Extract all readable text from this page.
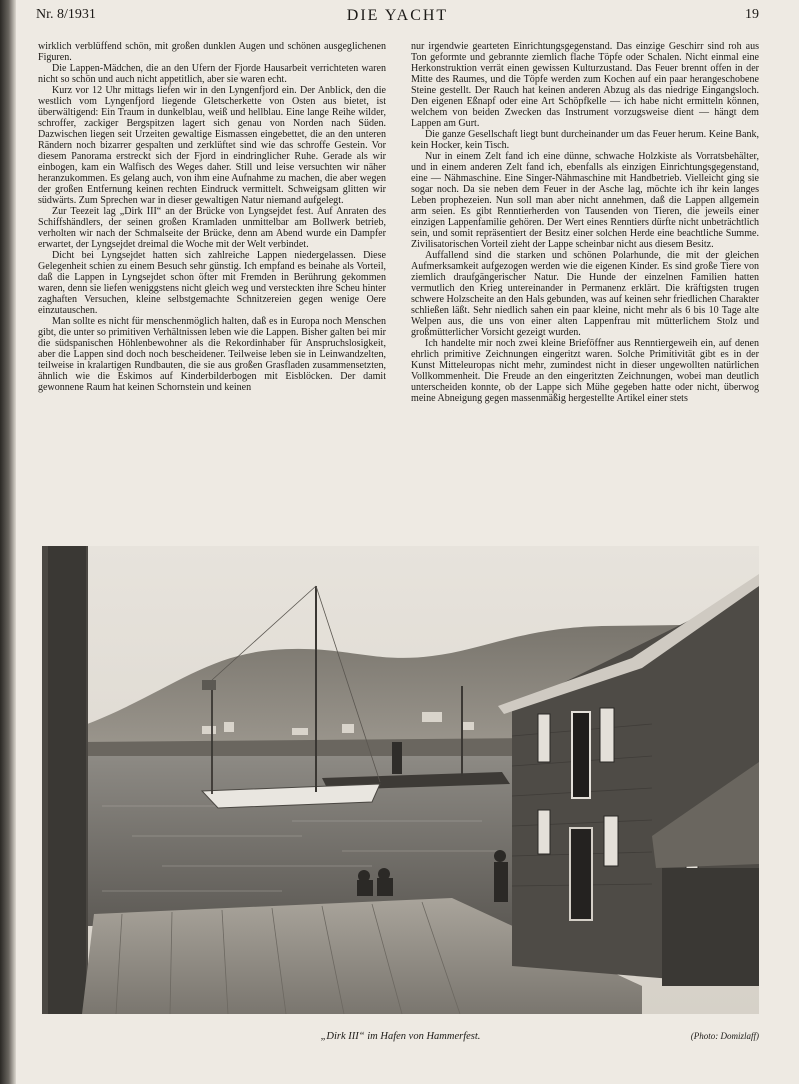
Nr. 8/1931	DIE YACHT	19

wirklich verblüffend schön, mit großen dunklen Augen und schönen ausgeglichenen Figuren.

Die Lappen-Mädchen, die an den Ufern der Fjorde Hausarbeit verrichteten waren nicht so schön und auch nicht appetitlich, aber sie waren echt.

Kurz vor 12 Uhr mittags liefen wir in den Lyngenfjord ein. Der Anblick, den die westlich vom Lyngenfjord liegende Gletscherkette von Osten aus bietet, ist überwältigend: Ein Traum in dunkelblau, weiß und hellblau. Eine lange Reihe wilder, schroffer, zackiger Bergspitzen lagert sich genau von Norden nach Süden. Dazwischen liegen seit Urzeiten gewaltige Eismassen eingebettet, die an den unteren Rändern noch bizarrer gespalten und zerklüftet sind wie das schroffe Gestein. Vor diesem Panorama erstreckt sich der Fjord in eindringlicher Ruhe. Gerade als wir einbogen, kam ein Walfisch des Weges daher. Still und leise versuchten wir näher heranzukommen. Es gelang auch, von ihm eine Aufnahme zu machen, die aber wegen der großen Entfernung keinen rechten Eindruck vermittelt. Schweigsam glitten wir südwärts. Zum Sprechen war in dieser gewaltigen Natur niemand aufgelegt.

Zur Teezeit lag „Dirk III“ an der Brücke von Lyngsejdet fest. Auf Anraten des Schiffshändlers, der seinen großen Kramladen unmittelbar am Bollwerk betrieb, verholten wir nach der Schmalseite der Brücke, denn am Abend wurde ein Dampfer erwartet, der Lyngsejdet dreimal die Woche mit der Welt verbindet.

Dicht bei Lyngsejdet hatten sich zahlreiche Lappen niedergelassen. Diese Gelegenheit schien zu einem Besuch sehr günstig. Ich empfand es beinahe als Vorteil, daß die Lappen in Lyngsejdet schon öfter mit Fremden in Berührung gekommen waren, denn sie liefen weniggstens nicht gleich weg und versteckten ihre Scheu hinter zaghaften Versuchen, kleine selbstgemachte Schnitzereien gegen wenige Oere einzutauschen.

Man sollte es nicht für menschenmöglich halten, daß es in Europa noch Menschen gibt, die unter so primitiven Verhältnissen leben wie die Lappen. Bisher galten bei mir die südspanischen Höhlenbewohner als die Rekordinhaber für Anspruchslosigkeit, aber die Lappen sind doch noch bescheidener. Teilweise leben sie in Leinwandzelten, teilweise in kralartigen Rundbauten, die sie aus großen Grasfladen zusammensetzten, ähnlich wie die Eskimos auf Kinderbilderbogen mit Eisblöcken. Der damit gewonnene Raum hat keinen Schornstein und keinen

nur irgendwie gearteten Einrichtungsgegenstand. Das einzige Geschirr sind roh aus Ton geformte und gebrannte ziemlich flache Töpfe oder Schalen. Nicht einmal eine Herkonstruktion verrät einen gewissen Kulturzustand. Das Feuer brennt offen in der Mitte des Raumes, und die Töpfe werden zum Kochen auf ein paar herangeschobene Steine gestellt. Der Rauch hat keinen anderen Abzug als das niedrige Eingangsloch. Den eigenen Eßnapf oder eine Art Schöpfkelle — ich habe nicht ermitteln können, welchem von beiden Zwecken das Instrument vorzugsweise dient — hängt dem Lappen am Gurt.

Die ganze Gesellschaft liegt bunt durcheinander um das Feuer herum. Keine Bank, kein Hocker, kein Tisch.

Nur in einem Zelt fand ich eine dünne, schwache Holzkiste als Vorratsbehälter, und in einem anderen Zelt fand ich, ebenfalls als einzigen Einrichtungsgegenstand, eine — Nähmaschine. Eine Singer-Nähmaschine mit Handbetrieb. Vielleicht ging sie sogar noch. Da sie neben dem Feuer in der Asche lag, möchte ich ihr kein langes Leben prophezeien. Nun soll man aber nicht annehmen, daß die Lappen allgemein arm seien. Es gibt Renntierherden von Tausenden von Tieren, die jeweils einer einzigen Lappenfamilie gehören. Der Wert eines Renntiers dürfte nicht unbeträchtlich sein, und somit repräsentiert der Besitz einer solchen Herde eine beachtliche Summe. Zivilisatorischen Vorteil zieht der Lappe scheinbar nicht aus diesem Besitz.

Auffallend sind die starken und schönen Polarhunde, die mit der gleichen Aufmerksamkeit aufgezogen werden wie die eigenen Kinder. Es sind große Tiere von ziemlich draufgängerischer Natur. Die Hunde der einzelnen Familien hatten vermutlich den Krieg untereinander in Permanenz erklärt. Die kräftigsten trugen schwere Holzscheite an den Hals gebunden, was auf keinen sehr friedlichen Charakter schließen läßt. Sehr niedlich sahen ein paar kleine, nicht mehr als 6 bis 10 Tage alte Welpen aus, die uns von einer alten Lappenfrau mit mütterlichem Stolz und großmütterlicher Vorsicht gezeigt wurden.

Ich handelte mir noch zwei kleine Brieföffner aus Renntiergeweih ein, auf denen ehrlich primitive Zeichnungen eingeritzt waren. Solche Primitivität gibt es in der Kunst Mitteleuropas nicht mehr, zumindest nicht in dieser ungewollten natürlichen Vollkommenheit. Die Freude an den eingeritzten Zeichnungen, wobei man deutlich unterscheiden konnte, ob der Lappe sich Mühe gegeben hatte oder nicht, überwog meine Abneigung gegen massenmäßig hergestellte Artikel einer stets

„Dirk III“ im Hafen von Hammerfest.	(Photo: Domizlaff)
